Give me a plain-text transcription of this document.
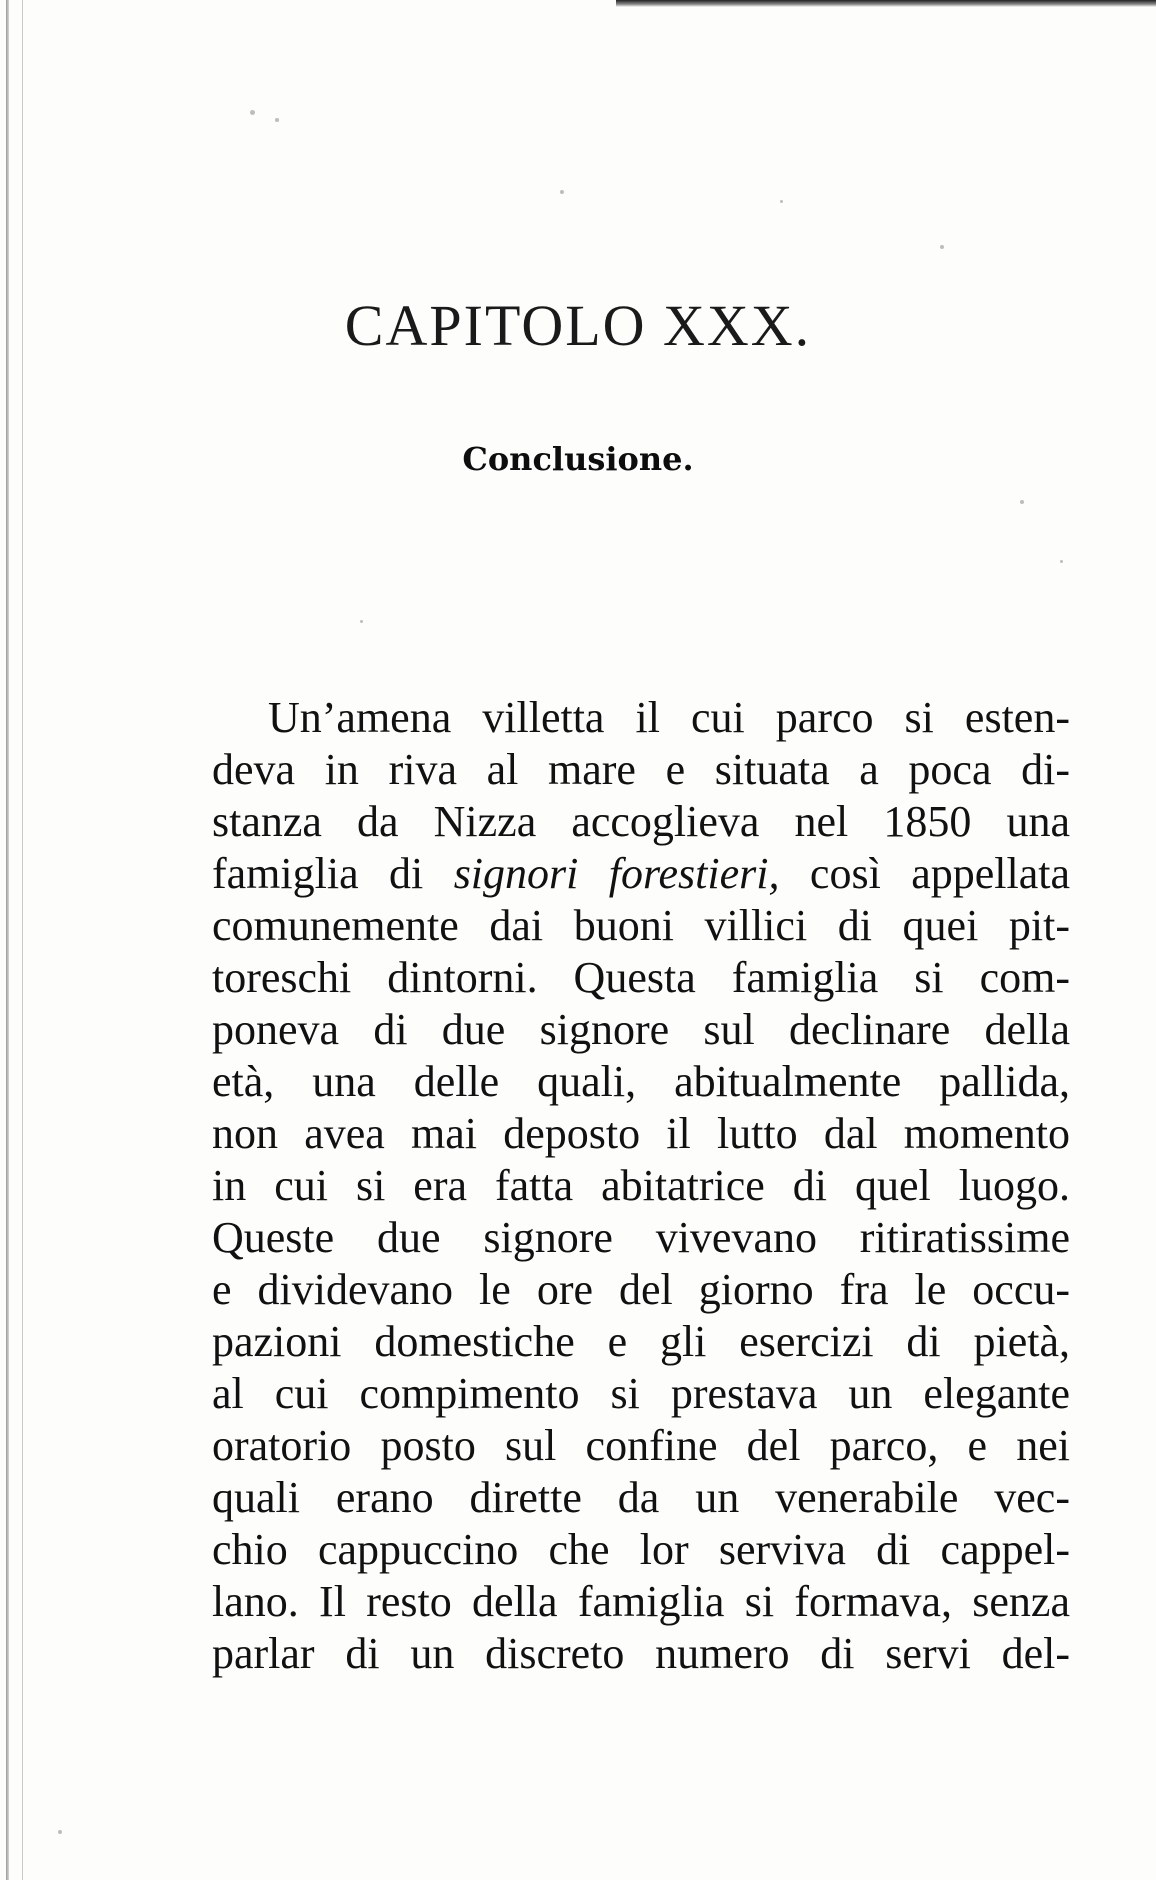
CAPITOLO XXX.
Conclusione.
Un’amena villetta il cui parco si esten-
deva in riva al mare e situata a poca di-
stanza da Nizza accoglieva nel 1850 una
famiglia di signori forestieri, così appellata
comunemente dai buoni villici di quei pit-
toreschi dintorni. Questa famiglia si com-
poneva di due signore sul declinare della
età, una delle quali, abitualmente pallida,
non avea mai deposto il lutto dal momento
in cui si era fatta abitatrice di quel luogo.
Queste due signore vivevano ritiratissime
e dividevano le ore del giorno fra le occu-
pazioni domestiche e gli esercizi di pietà,
al cui compimento si prestava un elegante
oratorio posto sul confine del parco, e nei
quali erano dirette da un venerabile vec-
chio cappuccino che lor serviva di cappel-
lano. Il resto della famiglia si formava, senza
parlar di un discreto numero di servi del-
